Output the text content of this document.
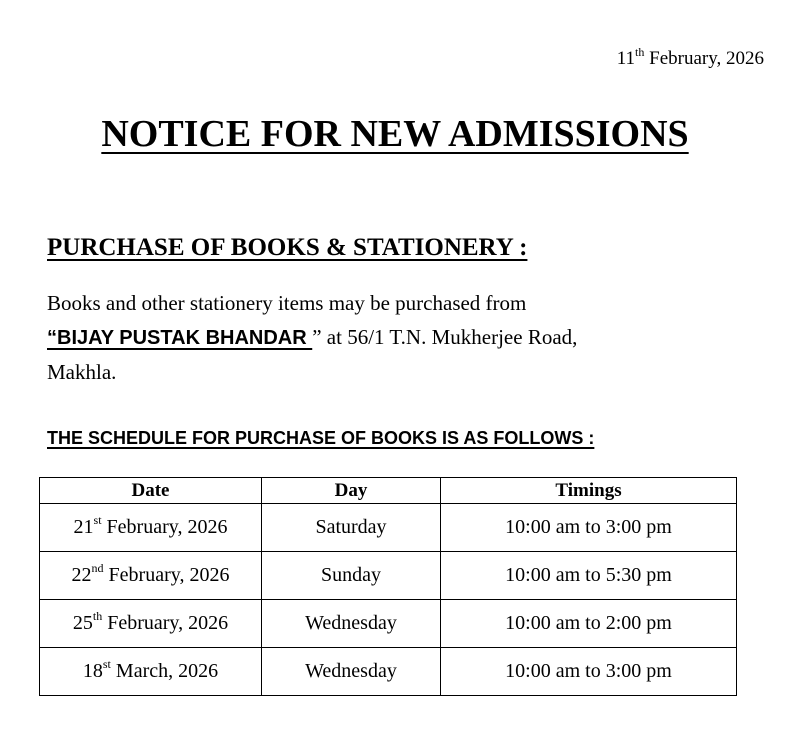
11th February, 2026
NOTICE FOR NEW ADMISSIONS
PURCHASE OF BOOKS & STATIONERY :

Books and other stationery items may be purchased from
“BIJAY PUSTAK BHANDAR ” at 56/1 T.N. Mukherjee Road,
Makhla.

THE SCHEDULE FOR PURCHASE OF BOOKS IS AS FOLLOWS :
Date	Day	Timings
21st February, 2026	Saturday	10:00 am to 3:00 pm
22nd February, 2026	Sunday	10:00 am to 5:30 pm
25th February, 2026	Wednesday	10:00 am to 2:00 pm
18st March, 2026	Wednesday	10:00 am to 3:00 pm
